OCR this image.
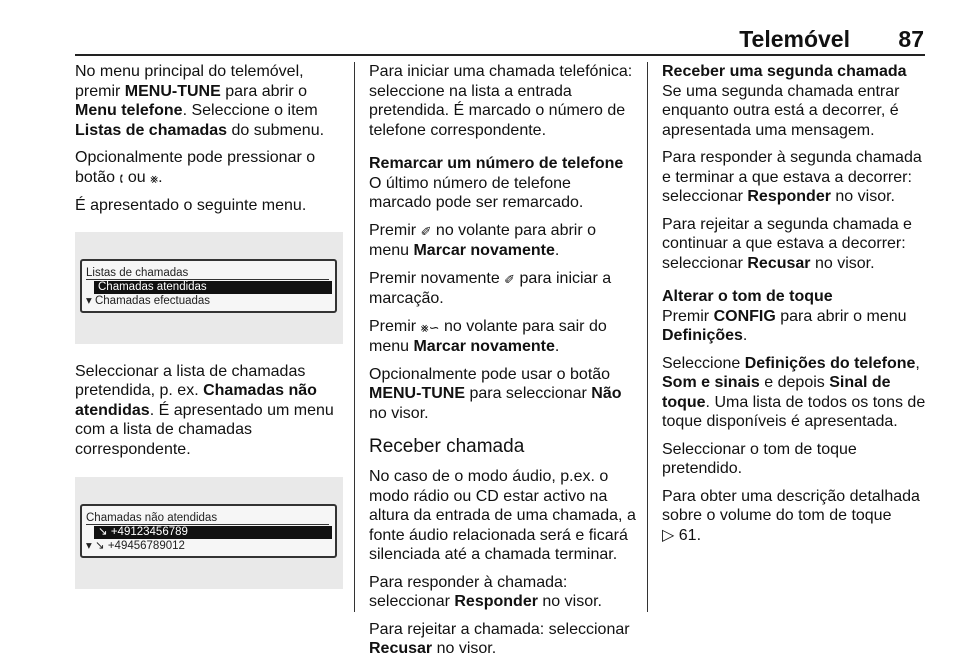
Telemóvel 87

No menu principal do telemóvel, premir MENU-TUNE para abrir o Menu telefone. Seleccione o item Listas de chamadas do submenu.

Opcionalmente pode pressionar o botão 🕻 ou ⨳.

É apresentado o seguinte menu.

Listas de chamadas
Chamadas atendidas
▾ Chamadas efectuadas

Seleccionar a lista de chamadas pretendida, p. ex. Chamadas não atendidas. É apresentado um menu com a lista de chamadas correspondente.

Chamadas não atendidas
↘ +49123456789
▾ ↘ +49456789012

Para iniciar uma chamada telefónica: seleccione na lista a entrada pretendida. É marcado o número de telefone correspondente.

Remarcar um número de telefone

O último número de telefone marcado pode ser remarcado.

Premir ✐ no volante para abrir o menu Marcar novamente.

Premir novamente ✐ para iniciar a marcação.

Premir ⨳∽ no volante para sair do menu Marcar novamente.

Opcionalmente pode usar o botão MENU-TUNE para seleccionar Não no visor.

Receber chamada

No caso de o modo áudio, p.ex. o modo rádio ou CD estar activo na altura da entrada de uma chamada, a fonte áudio relacionada será e ficará silenciada até a chamada terminar.

Para responder à chamada: seleccionar Responder no visor.

Para rejeitar a chamada: seleccionar Recusar no visor.

Receber uma segunda chamada

Se uma segunda chamada entrar enquanto outra está a decorrer, é apresentada uma mensagem.

Para responder à segunda chamada e terminar a que estava a decorrer: seleccionar Responder no visor.

Para rejeitar a segunda chamada e continuar a que estava a decorrer: seleccionar Recusar no visor.

Alterar o tom de toque

Premir CONFIG para abrir o menu Definições.

Seleccione Definições do telefone, Som e sinais e depois Sinal de toque. Uma lista de todos os tons de toque disponíveis é apresentada.

Seleccionar o tom de toque pretendido.

Para obter uma descrição detalhada sobre o volume do tom de toque

▷ 61.
